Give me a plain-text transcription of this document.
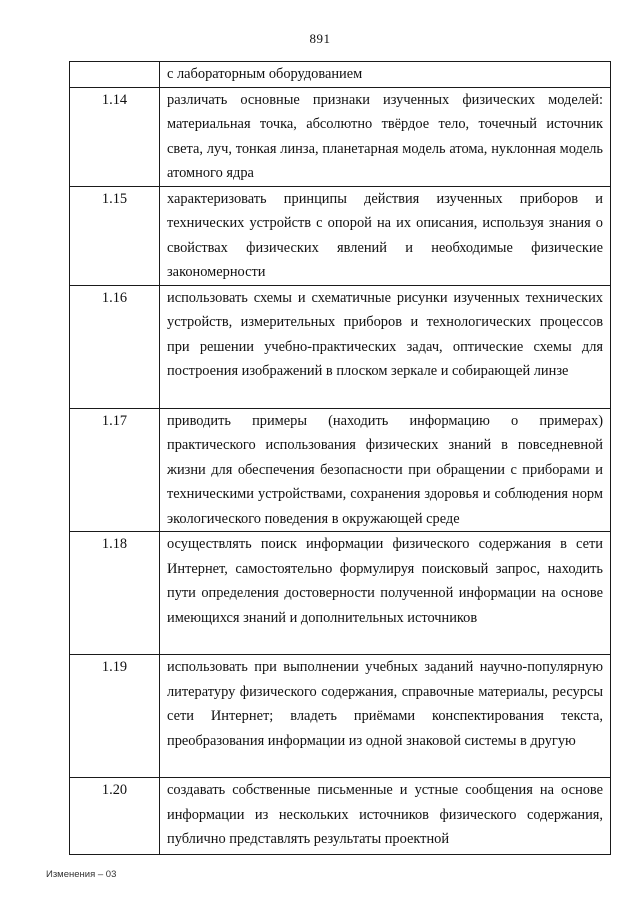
891

	с лабораторным оборудованием

1.14	различать основные признаки изученных физических моделей: материальная точка, абсолютно твёрдое тело, точечный источник света, луч, тонкая линза, планетарная модель атома, нуклонная модель атомного ядра

1.15	характеризовать принципы действия изученных приборов и технических устройств с опорой на их описания, используя знания о свойствах физических явлений и необходимые физические закономерности

1.16	использовать схемы и схематичные рисунки изученных технических устройств, измерительных приборов и технологических процессов при решении учебно-практических задач, оптические схемы для построения изображений в плоском зеркале и собирающей линзе

1.17	приводить примеры (находить информацию о примерах) практического использования физических знаний в повседневной жизни для обеспечения безопасности при обращении с приборами и техническими устройствами, сохранения здоровья и соблюдения норм экологического поведения в окружающей среде

1.18	осуществлять поиск информации физического содержания в сети Интернет, самостоятельно формулируя поисковый запрос, находить пути определения достоверности полученной информации на основе имеющихся знаний и дополнительных источников

1.19	использовать при выполнении учебных заданий научно-популярную литературу физического содержания, справочные материалы, ресурсы сети Интернет; владеть приёмами конспектирования текста, преобразования информации из одной знаковой системы в другую

1.20	создавать собственные письменные и устные сообщения на основе информации из нескольких источников физического содержания, публично представлять результаты проектной
Изменения – 03
